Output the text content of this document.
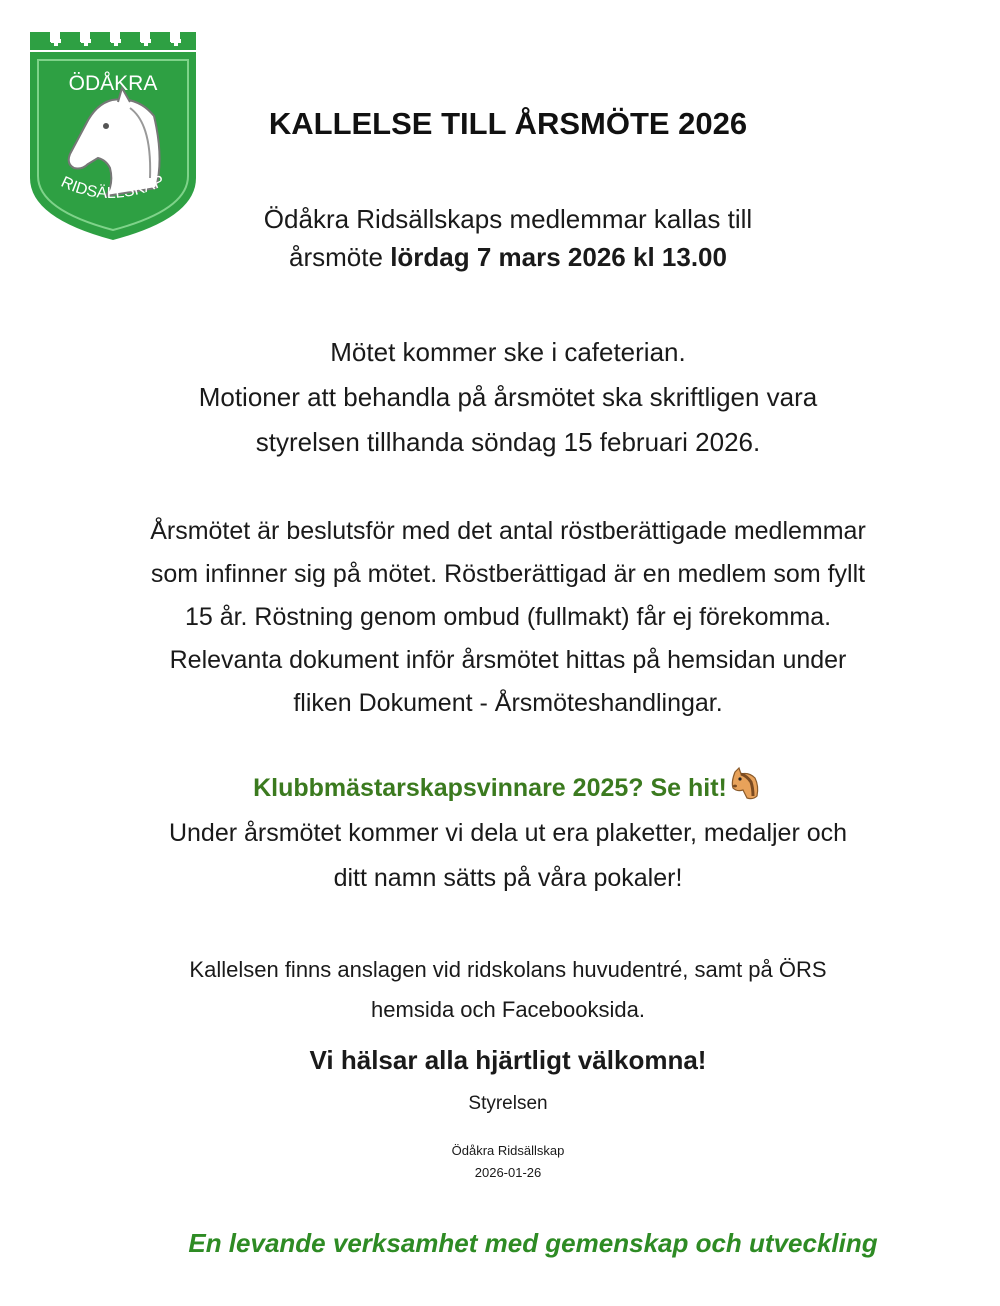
ÖDÅKRA
RIDSÄLLSKAP
KALLELSE TILL ÅRSMÖTE 2026
Ödåkra Ridsällskaps medlemmar kallas till
årsmöte lördag 7 mars 2026 kl 13.00
Mötet kommer ske i cafeterian.
Motioner att behandla på årsmötet ska skriftligen vara
styrelsen tillhanda söndag 15 februari 2026.
Årsmötet är beslutsför med det antal röstberättigade medlemmar
som infinner sig på mötet. Röstberättigad är en medlem som fyllt
15 år. Röstning genom ombud (fullmakt) får ej förekomma.
Relevanta dokument inför årsmötet hittas på hemsidan under
fliken Dokument - Årsmöteshandlingar.
Klubbmästarskapsvinnare 2025? Se hit!
Under årsmötet kommer vi dela ut era plaketter, medaljer och
ditt namn sätts på våra pokaler!
Kallelsen finns anslagen vid ridskolans huvudentré, samt på ÖRS
hemsida och Facebooksida.
Vi hälsar alla hjärtligt välkomna!
Styrelsen
Ödåkra Ridsällskap
2026-01-26
En levande verksamhet med gemenskap och utveckling
